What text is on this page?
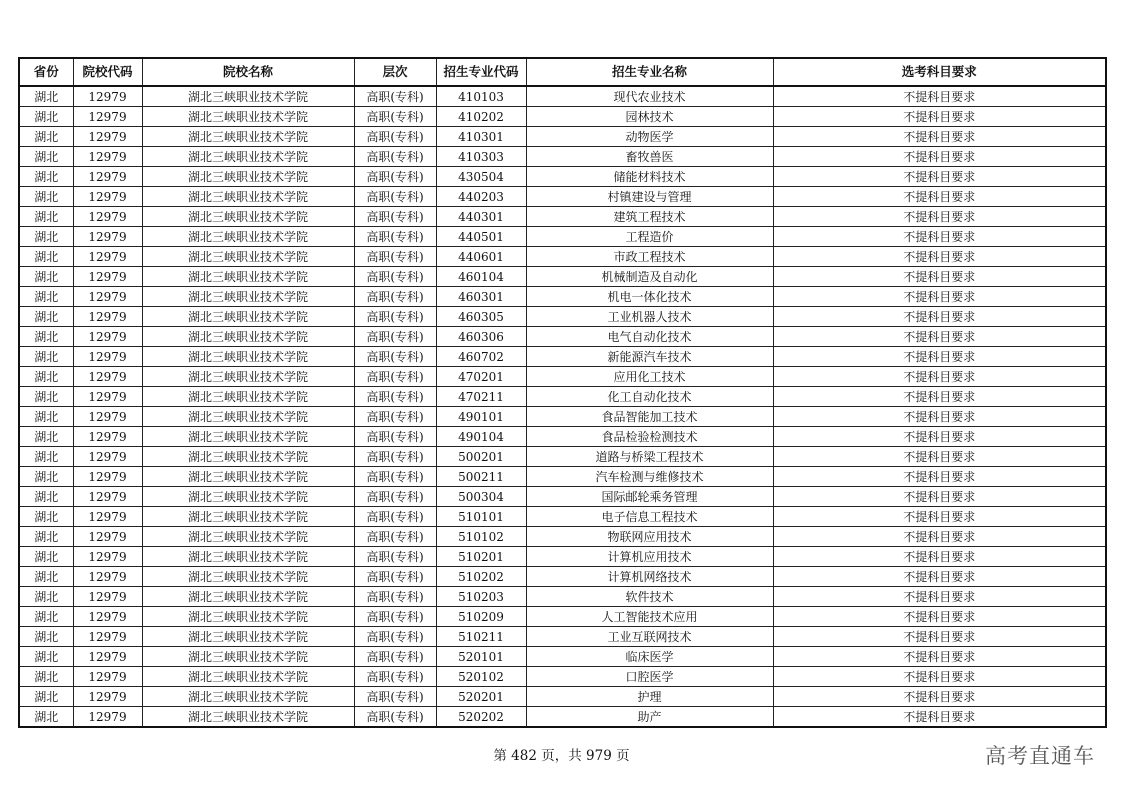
省份	院校代码	院校名称	层次	招生专业代码	招生专业名称	选考科目要求
湖北	12979	湖北三峡职业技术学院	高职(专科)	410103	现代农业技术	不提科目要求
湖北	12979	湖北三峡职业技术学院	高职(专科)	410202	园林技术	不提科目要求
湖北	12979	湖北三峡职业技术学院	高职(专科)	410301	动物医学	不提科目要求
湖北	12979	湖北三峡职业技术学院	高职(专科)	410303	畜牧兽医	不提科目要求
湖北	12979	湖北三峡职业技术学院	高职(专科)	430504	储能材料技术	不提科目要求
湖北	12979	湖北三峡职业技术学院	高职(专科)	440203	村镇建设与管理	不提科目要求
湖北	12979	湖北三峡职业技术学院	高职(专科)	440301	建筑工程技术	不提科目要求
湖北	12979	湖北三峡职业技术学院	高职(专科)	440501	工程造价	不提科目要求
湖北	12979	湖北三峡职业技术学院	高职(专科)	440601	市政工程技术	不提科目要求
湖北	12979	湖北三峡职业技术学院	高职(专科)	460104	机械制造及自动化	不提科目要求
湖北	12979	湖北三峡职业技术学院	高职(专科)	460301	机电一体化技术	不提科目要求
湖北	12979	湖北三峡职业技术学院	高职(专科)	460305	工业机器人技术	不提科目要求
湖北	12979	湖北三峡职业技术学院	高职(专科)	460306	电气自动化技术	不提科目要求
湖北	12979	湖北三峡职业技术学院	高职(专科)	460702	新能源汽车技术	不提科目要求
湖北	12979	湖北三峡职业技术学院	高职(专科)	470201	应用化工技术	不提科目要求
湖北	12979	湖北三峡职业技术学院	高职(专科)	470211	化工自动化技术	不提科目要求
湖北	12979	湖北三峡职业技术学院	高职(专科)	490101	食品智能加工技术	不提科目要求
湖北	12979	湖北三峡职业技术学院	高职(专科)	490104	食品检验检测技术	不提科目要求
湖北	12979	湖北三峡职业技术学院	高职(专科)	500201	道路与桥梁工程技术	不提科目要求
湖北	12979	湖北三峡职业技术学院	高职(专科)	500211	汽车检测与维修技术	不提科目要求
湖北	12979	湖北三峡职业技术学院	高职(专科)	500304	国际邮轮乘务管理	不提科目要求
湖北	12979	湖北三峡职业技术学院	高职(专科)	510101	电子信息工程技术	不提科目要求
湖北	12979	湖北三峡职业技术学院	高职(专科)	510102	物联网应用技术	不提科目要求
湖北	12979	湖北三峡职业技术学院	高职(专科)	510201	计算机应用技术	不提科目要求
湖北	12979	湖北三峡职业技术学院	高职(专科)	510202	计算机网络技术	不提科目要求
湖北	12979	湖北三峡职业技术学院	高职(专科)	510203	软件技术	不提科目要求
湖北	12979	湖北三峡职业技术学院	高职(专科)	510209	人工智能技术应用	不提科目要求
湖北	12979	湖北三峡职业技术学院	高职(专科)	510211	工业互联网技术	不提科目要求
湖北	12979	湖北三峡职业技术学院	高职(专科)	520101	临床医学	不提科目要求
湖北	12979	湖北三峡职业技术学院	高职(专科)	520102	口腔医学	不提科目要求
湖北	12979	湖北三峡职业技术学院	高职(专科)	520201	护理	不提科目要求
湖北	12979	湖北三峡职业技术学院	高职(专科)	520202	助产	不提科目要求
第 482 页，共 979 页	高考直通车
